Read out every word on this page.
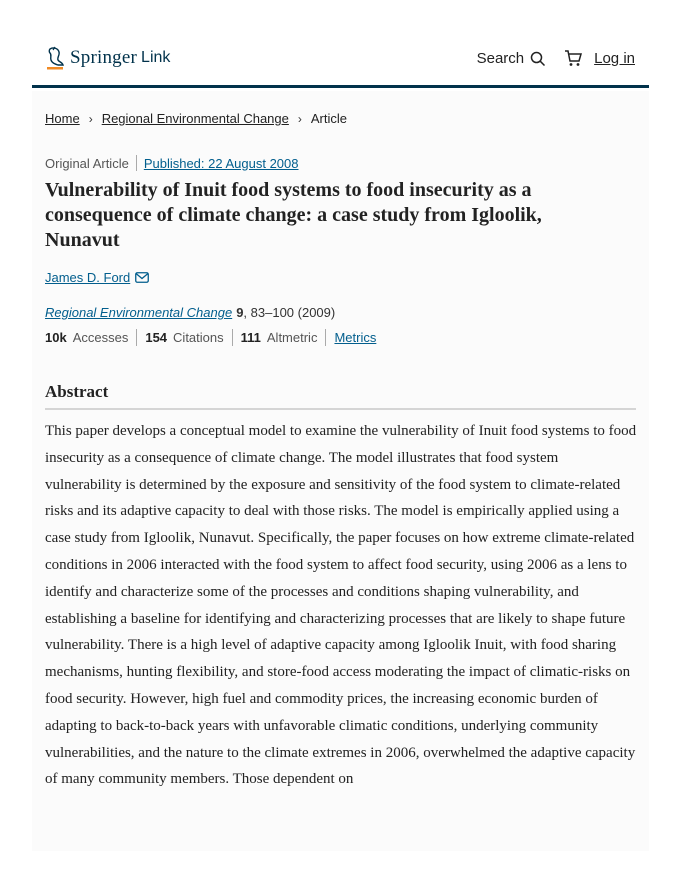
Springer Link	Search	Log in
Home › Regional Environmental Change › Article
Original Article Published: 22 August 2008
Vulnerability of Inuit food systems to food insecurity as a consequence of climate change: a case study from Igloolik, Nunavut
James D. Ford
Regional Environmental Change 9, 83–100 (2009)
10k Accesses 154 Citations 111 Altmetric Metrics
Abstract

This paper develops a conceptual model to examine the vulnerability of Inuit food systems to food insecurity as a consequence of climate change. The model illustrates that food system vulnerability is determined by the exposure and sensitivity of the food system to climate-related risks and its adaptive capacity to deal with those risks. The model is empirically applied using a case study from Igloolik, Nunavut. Specifically, the paper focuses on how extreme climate-related conditions in 2006 interacted with the food system to affect food security, using 2006 as a lens to identify and characterize some of the processes and conditions shaping vulnerability, and establishing a baseline for identifying and characterizing processes that are likely to shape future vulnerability. There is a high level of adaptive capacity among Igloolik Inuit, with food sharing mechanisms, hunting flexibility, and store-food access moderating the impact of climatic-risks on food security. However, high fuel and commodity prices, the increasing economic burden of adapting to back-to-back years with unfavorable climatic conditions, underlying community vulnerabilities, and the nature to the climate extremes in 2006, overwhelmed the adaptive capacity of many community members. Those dependent on
